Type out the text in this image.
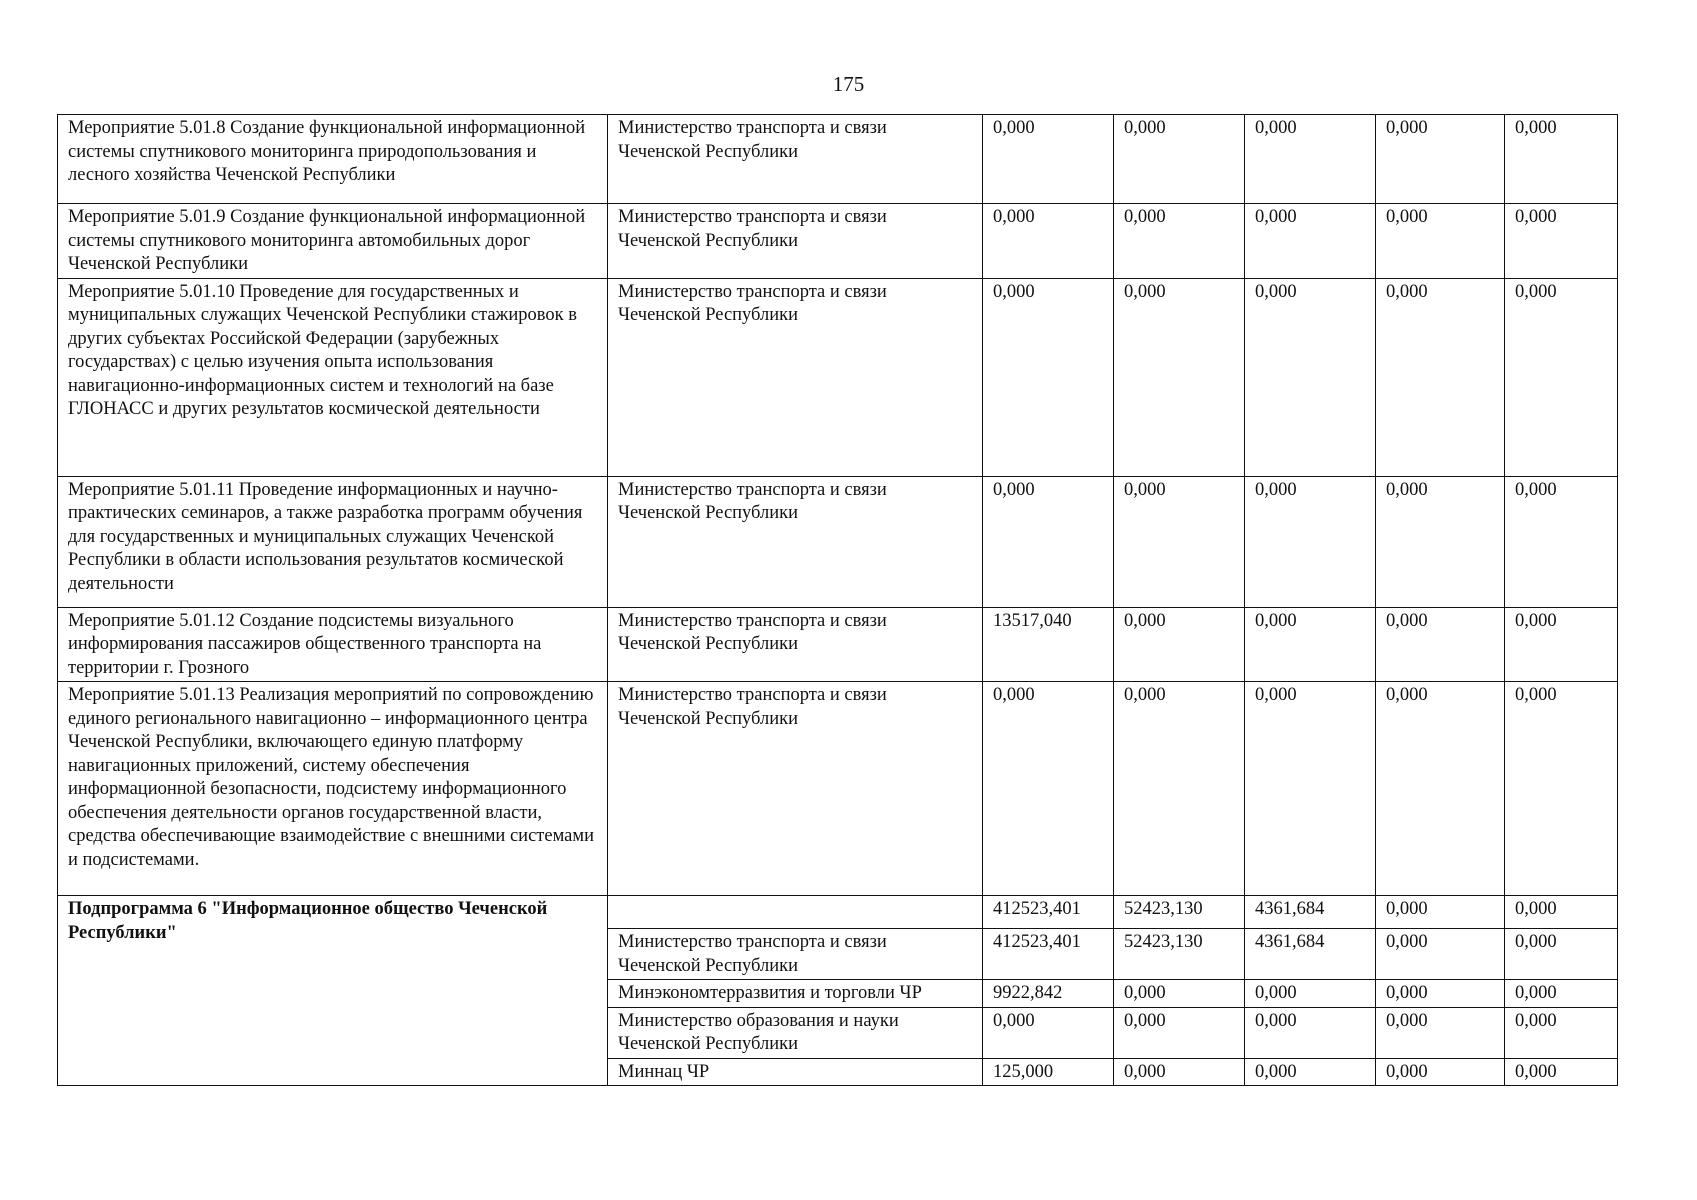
175
Мероприятие 5.01.8 Создание функциональной информационной системы спутникового мониторинга природопользования и лесного хозяйства Чеченской Республики	Министерство транспорта и связи Чеченской Республики	0,000	0,000	0,000	0,000	0,000
Мероприятие 5.01.9 Создание функциональной информационной системы спутникового мониторинга автомобильных дорог Чеченской Республики	Министерство транспорта и связи Чеченской Республики	0,000	0,000	0,000	0,000	0,000
Мероприятие 5.01.10 Проведение для государственных и муниципальных служащих Чеченской Республики стажировок в других субъектах Российской Федерации (зарубежных государствах) с целью изучения опыта использования навигационно-информационных систем и технологий на базе ГЛОНАСС и других результатов космической деятельности	Министерство транспорта и связи Чеченской Республики	0,000	0,000	0,000	0,000	0,000
Мероприятие 5.01.11 Проведение информационных и научно-практических семинаров, а также разработка программ обучения для государственных и муниципальных служащих Чеченской Республики в области использования результатов космической деятельности	Министерство транспорта и связи Чеченской Республики	0,000	0,000	0,000	0,000	0,000
Мероприятие 5.01.12 Создание подсистемы визуального информирования пассажиров общественного транспорта на территории г. Грозного	Министерство транспорта и связи Чеченской Республики	13517,040	0,000	0,000	0,000	0,000
Мероприятие 5.01.13 Реализация мероприятий по сопровождению единого регионального навигационно – информационного центра Чеченской Республики, включающего единую платформу навигационных приложений, систему обеспечения информационной безопасности, подсистему информационного обеспечения деятельности органов государственной власти, средства обеспечивающие взаимодействие с внешними системами и подсистемами.	Министерство транспорта и связи Чеченской Республики	0,000	0,000	0,000	0,000	0,000
Подпрограмма 6 "Информационное общество Чеченской Республики"		412523,401	52423,130	4361,684	0,000	0,000
	Министерство транспорта и связи Чеченской Республики	412523,401	52423,130	4361,684	0,000	0,000
	Минэкономтерразвития и торговли ЧР	9922,842	0,000	0,000	0,000	0,000
	Министерство образования и науки Чеченской Республики	0,000	0,000	0,000	0,000	0,000
	Миннац ЧР	125,000	0,000	0,000	0,000	0,000
